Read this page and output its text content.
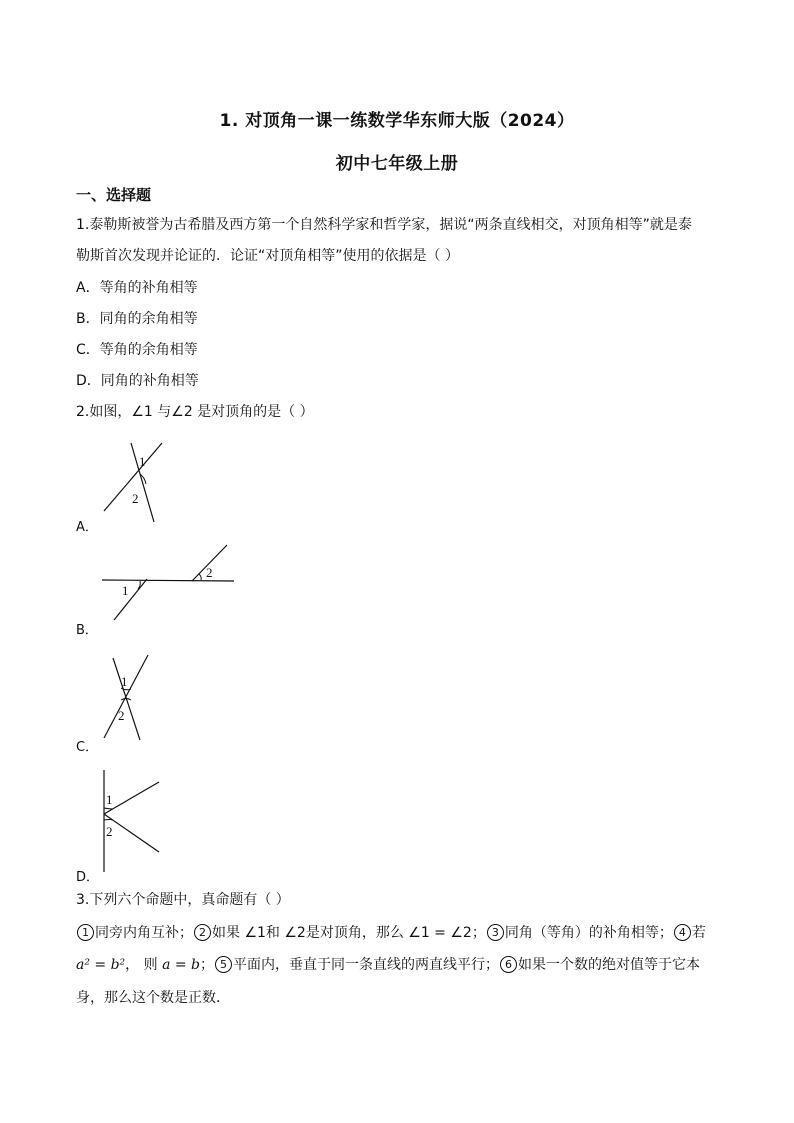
1. 对顶角一课一练数学华东师大版（2024）
初中七年级上册
一、选择题
1.泰勒斯被誉为古希腊及西方第一个自然科学家和哲学家，据说“两条直线相交，对顶角相等”就是泰
勒斯首次发现并论证的．论证“对顶角相等”使用的依据是（ ）
A．等角的补角相等
B．同角的余角相等
C．等角的余角相等
D．同角的补角相等
2.如图，∠1 与∠2 是对顶角的是（ ）
1
2
A．
2
1
B．
1
2
C．
1
2
D．
3.下列六个命题中，真命题有（ ）
1 同旁内角互补； 2 如果 ∠1和 ∠2是对顶角，那么 ∠1 = ∠2； 3 同角（等角）的补角相等； 4 若
a² = b²， 则 a = b； 5 平面内，垂直于同一条直线的两直线平行； 6 如果一个数的绝对值等于它本
身，那么这个数是正数．
